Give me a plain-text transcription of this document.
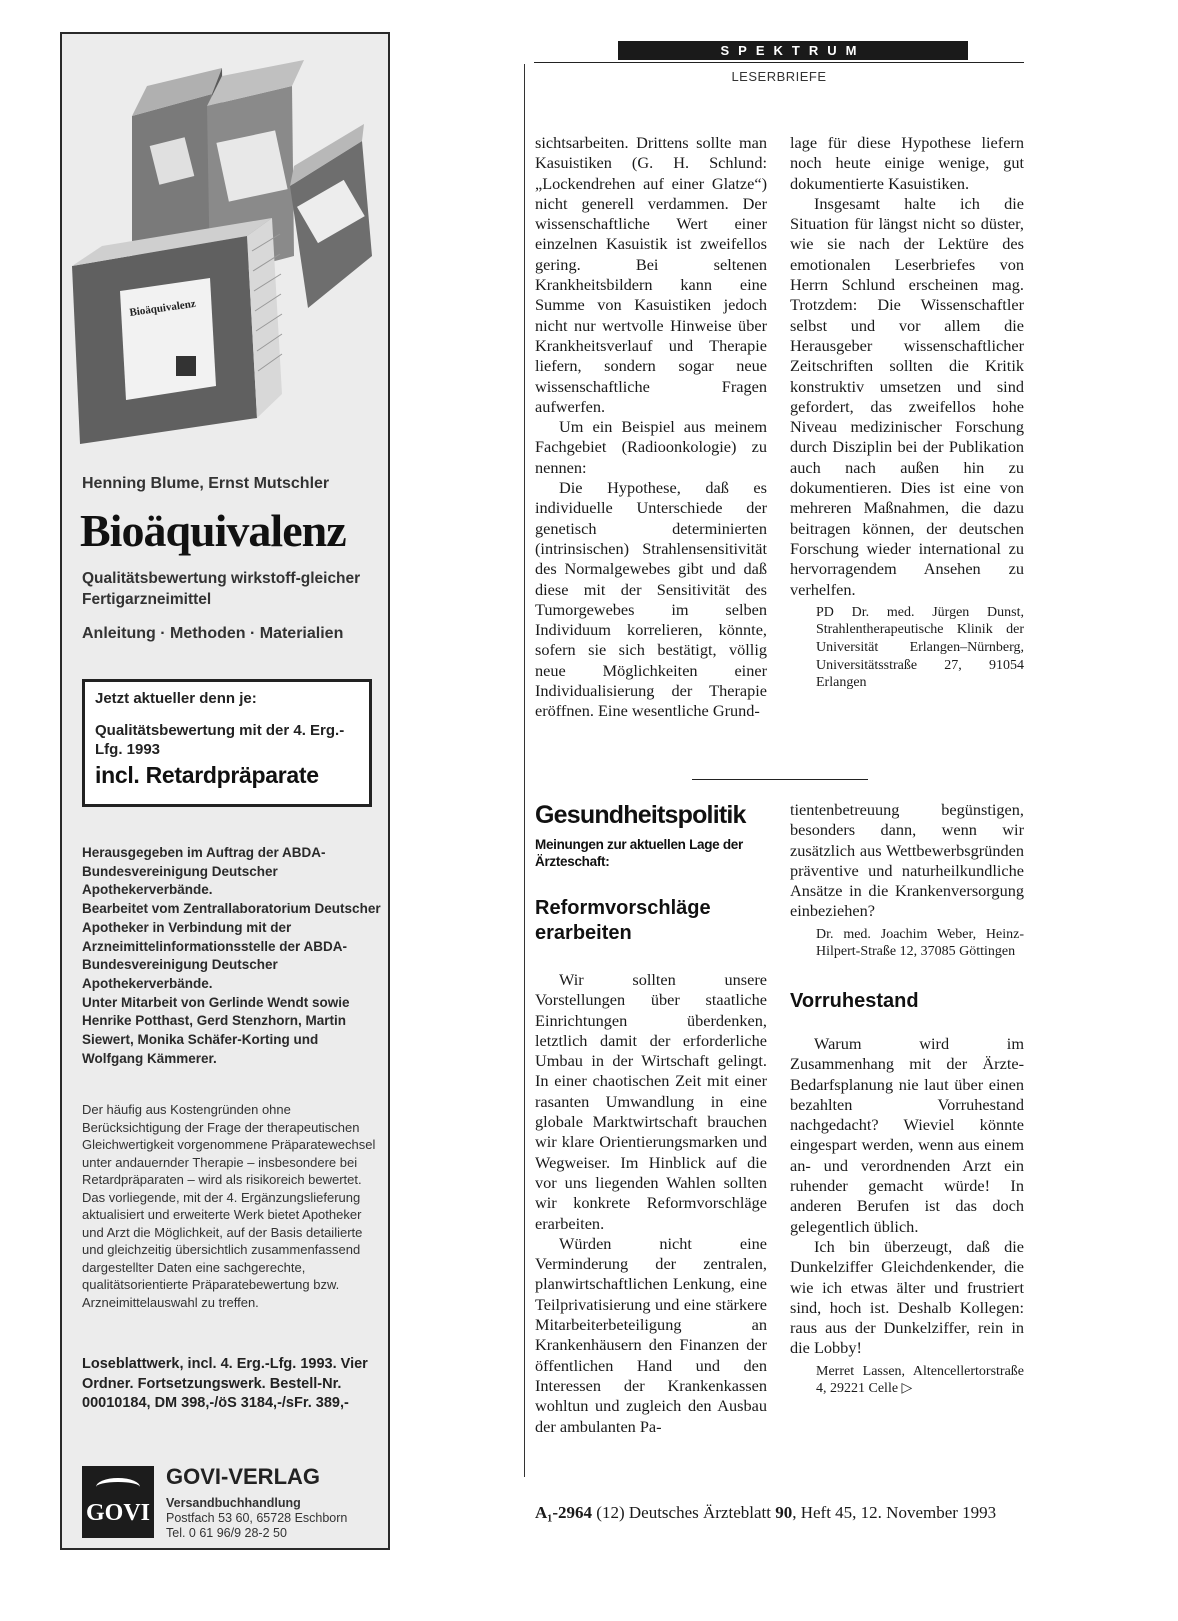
Bioäquivalenz
Henning Blume, Ernst Mutschler
Bioäquivalenz
Qualitätsbewertung wirkstoff-gleicher Fertigarzneimittel
Anleitung · Methoden · Materialien
Jetzt aktueller denn je:
Qualitätsbewertung mit der 4. Erg.-Lfg. 1993
incl. Retardpräparate

Herausgegeben im Auftrag der ABDA-Bundesvereinigung Deutscher Apothekerverbände.

Bearbeitet vom Zentrallaboratorium Deutscher Apotheker in Verbindung mit der Arzneimittelinformationsstelle der ABDA-Bundesvereinigung Deutscher Apothekerverbände.

Unter Mitarbeit von Gerlinde Wendt sowie Henrike Potthast, Gerd Stenzhorn, Martin Siewert, Monika Schäfer-Korting und Wolfgang Kämmerer.

Der häufig aus Kostengründen ohne Berücksichtigung der Frage der therapeutischen Gleichwertigkeit vorgenommene Präparatewechsel unter andauernder Therapie – insbesondere bei Retardpräparaten – wird als risikoreich bewertet.

Das vorliegende, mit der 4. Ergänzungslieferung aktualisiert und erweiterte Werk bietet Apotheker und Arzt die Möglichkeit, auf der Basis detailierte und gleichzeitig übersichtlich zusammenfassend dargestellter Daten eine sachgerechte, qualitätsorientierte Präparatebewertung bzw. Arzneimittelauswahl zu treffen.

Loseblattwerk, incl. 4. Erg.-Lfg. 1993. Vier Ordner. Fortsetzungswerk. Bestell-Nr. 00010184, DM 398,-/öS 3184,-/sFr. 389,-
GOVI
GOVI-VERLAG
Versandbuchhandlung
Postfach 53 60, 65728 Eschborn
Tel. 0 61 96/9 28-2 50
SPEKTRUM
LESERBRIEFE

sichtsarbeiten. Drittens sollte man Kasuistiken (G. H. Schlund: „Lockendrehen auf einer Glatze“) nicht generell verdammen. Der wissenschaftliche Wert einer einzelnen Kasuistik ist zweifellos gering. Bei seltenen Krankheitsbildern kann eine Summe von Kasuistiken jedoch nicht nur wertvolle Hinweise über Krankheitsverlauf und Therapie liefern, sondern sogar neue wissenschaftliche Fragen aufwerfen.

Um ein Beispiel aus meinem Fachgebiet (Radioonkologie) zu nennen:

Die Hypothese, daß es individuelle Unterschiede der genetisch determinierten (intrinsischen) Strahlensensitivität des Normalgewebes gibt und daß diese mit der Sensitivität des Tumorgewebes im selben Individuum korrelieren, könnte, sofern sie sich bestätigt, völlig neue Möglichkeiten einer Individualisierung der Therapie eröffnen. Eine wesentliche Grund-

lage für diese Hypothese liefern noch heute einige wenige, gut dokumentierte Kasuistiken.

Insgesamt halte ich die Situation für längst nicht so düster, wie sie nach der Lektüre des emotionalen Leserbriefes von Herrn Schlund erscheinen mag. Trotzdem: Die Wissenschaftler selbst und vor allem die Herausgeber wissenschaftlicher Zeitschriften sollten die Kritik konstruktiv umsetzen und sind gefordert, das zweifellos hohe Niveau medizinischer Forschung durch Disziplin bei der Publikation auch nach außen hin zu dokumentieren. Dies ist eine von mehreren Maßnahmen, die dazu beitragen können, der deutschen Forschung wieder international zu hervorragendem Ansehen zu verhelfen.

PD Dr. med. Jürgen Dunst, Strahlentherapeutische Klinik der Universität Erlangen–Nürnberg, Universitätsstraße 27, 91054 Erlangen
Gesundheitspolitik
Meinungen zur aktuellen Lage der Ärzteschaft:
Reformvorschläge erarbeiten

Wir sollten unsere Vorstellungen über staatliche Einrichtungen überdenken, letztlich damit der erforderliche Umbau in der Wirtschaft gelingt. In einer chaotischen Zeit mit einer rasanten Umwandlung in eine globale Marktwirtschaft brauchen wir klare Orientierungsmarken und Wegweiser. Im Hinblick auf die vor uns liegenden Wahlen sollten wir konkrete Reformvorschläge erarbeiten.

Würden nicht eine Verminderung der zentralen, planwirtschaftlichen Lenkung, eine Teilprivatisierung und eine stärkere Mitarbeiterbeteiligung an Krankenhäusern den Finanzen der öffentlichen Hand und den Interessen der Krankenkassen wohltun und zugleich den Ausbau der ambulanten Pa-

tientenbetreuung begünstigen, besonders dann, wenn wir zusätzlich aus Wettbewerbsgründen präventive und naturheilkundliche Ansätze in die Krankenversorgung einbeziehen?

Dr. med. Joachim Weber, Heinz-Hilpert-Straße 12, 37085 Göttingen
Vorruhestand

Warum wird im Zusammenhang mit der Ärzte-Bedarfsplanung nie laut über einen bezahlten Vorruhestand nachgedacht? Wieviel könnte eingespart werden, wenn aus einem an- und verordnenden Arzt ein ruhender gemacht würde! In anderen Berufen ist das doch gelegentlich üblich.

Ich bin überzeugt, daß die Dunkelziffer Gleichdenkender, die wie ich etwas älter und frustriert sind, hoch ist. Deshalb Kollegen: raus aus der Dunkelziffer, rein in die Lobby!

Merret Lassen, Altencellertorstraße 4, 29221 Celle ▷
A₁-2964 (12) Deutsches Ärzteblatt 90, Heft 45, 12. November 1993
